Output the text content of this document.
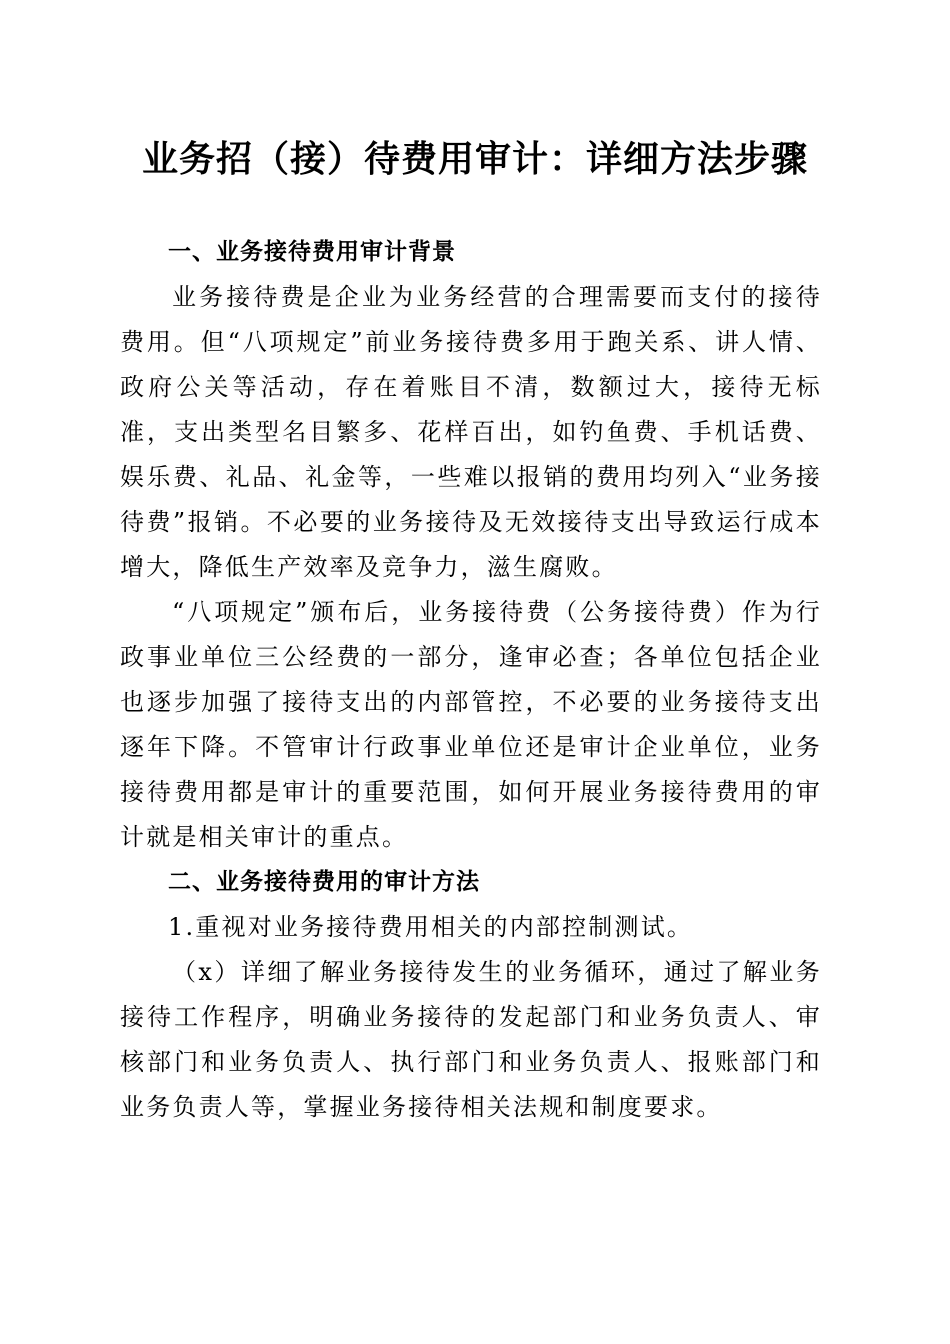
业务招（接）待费用审计：详细方法步骤

一、业务接待费用审计背景

业务接待费是企业为业务经营的合理需要而支付的接待费用。但“八项规定”前业务接待费多用于跑关系、讲人情、政府公关等活动，存在着账目不清，数额过大，接待无标准，支出类型名目繁多、花样百出，如钓鱼费、手机话费、娱乐费、礼品、礼金等，一些难以报销的费用均列入“业务接待费”报销。不必要的业务接待及无效接待支出导致运行成本增大，降低生产效率及竞争力，滋生腐败。

“八项规定”颁布后，业务接待费（公务接待费）作为行政事业单位三公经费的一部分，逢审必查；各单位包括企业也逐步加强了接待支出的内部管控，不必要的业务接待支出逐年下降。不管审计行政事业单位还是审计企业单位，业务接待费用都是审计的重要范围，如何开展业务接待费用的审计就是相关审计的重点。

二、业务接待费用的审计方法

1.重视对业务接待费用相关的内部控制测试。

（x）详细了解业务接待发生的业务循环，通过了解业务接待工作程序，明确业务接待的发起部门和业务负责人、审核部门和业务负责人、执行部门和业务负责人、报账部门和业务负责人等，掌握业务接待相关法规和制度要求。
